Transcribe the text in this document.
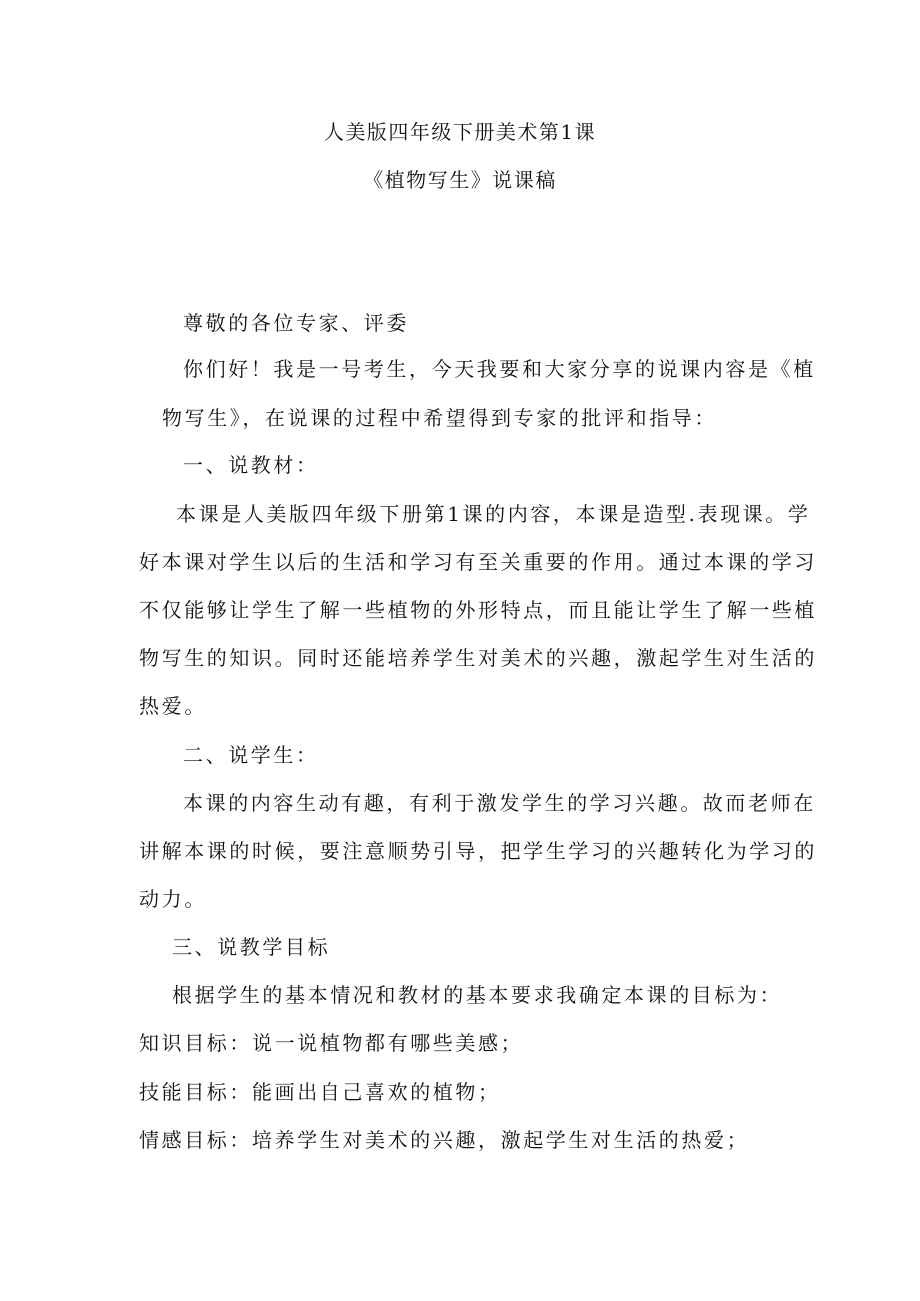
人美版四年级下册美术第1课
《植物写生》说课稿
尊敬的各位专家、评委
你们好！我是一号考生，今天我要和大家分享的说课内容是《植
物写生》，在说课的过程中希望得到专家的批评和指导：
一、说教材：
本课是人美版四年级下册第1课的内容，本课是造型.表现课。学
好本课对学生以后的生活和学习有至关重要的作用。通过本课的学习
不仅能够让学生了解一些植物的外形特点，而且能让学生了解一些植
物写生的知识。同时还能培养学生对美术的兴趣，激起学生对生活的
热爱。
二、说学生：
本课的内容生动有趣，有利于激发学生的学习兴趣。故而老师在
讲解本课的时候，要注意顺势引导，把学生学习的兴趣转化为学习的
动力。
三、说教学目标
根据学生的基本情况和教材的基本要求我确定本课的目标为：
知识目标：说一说植物都有哪些美感；
技能目标：能画出自己喜欢的植物；
情感目标：培养学生对美术的兴趣，激起学生对生活的热爱；
